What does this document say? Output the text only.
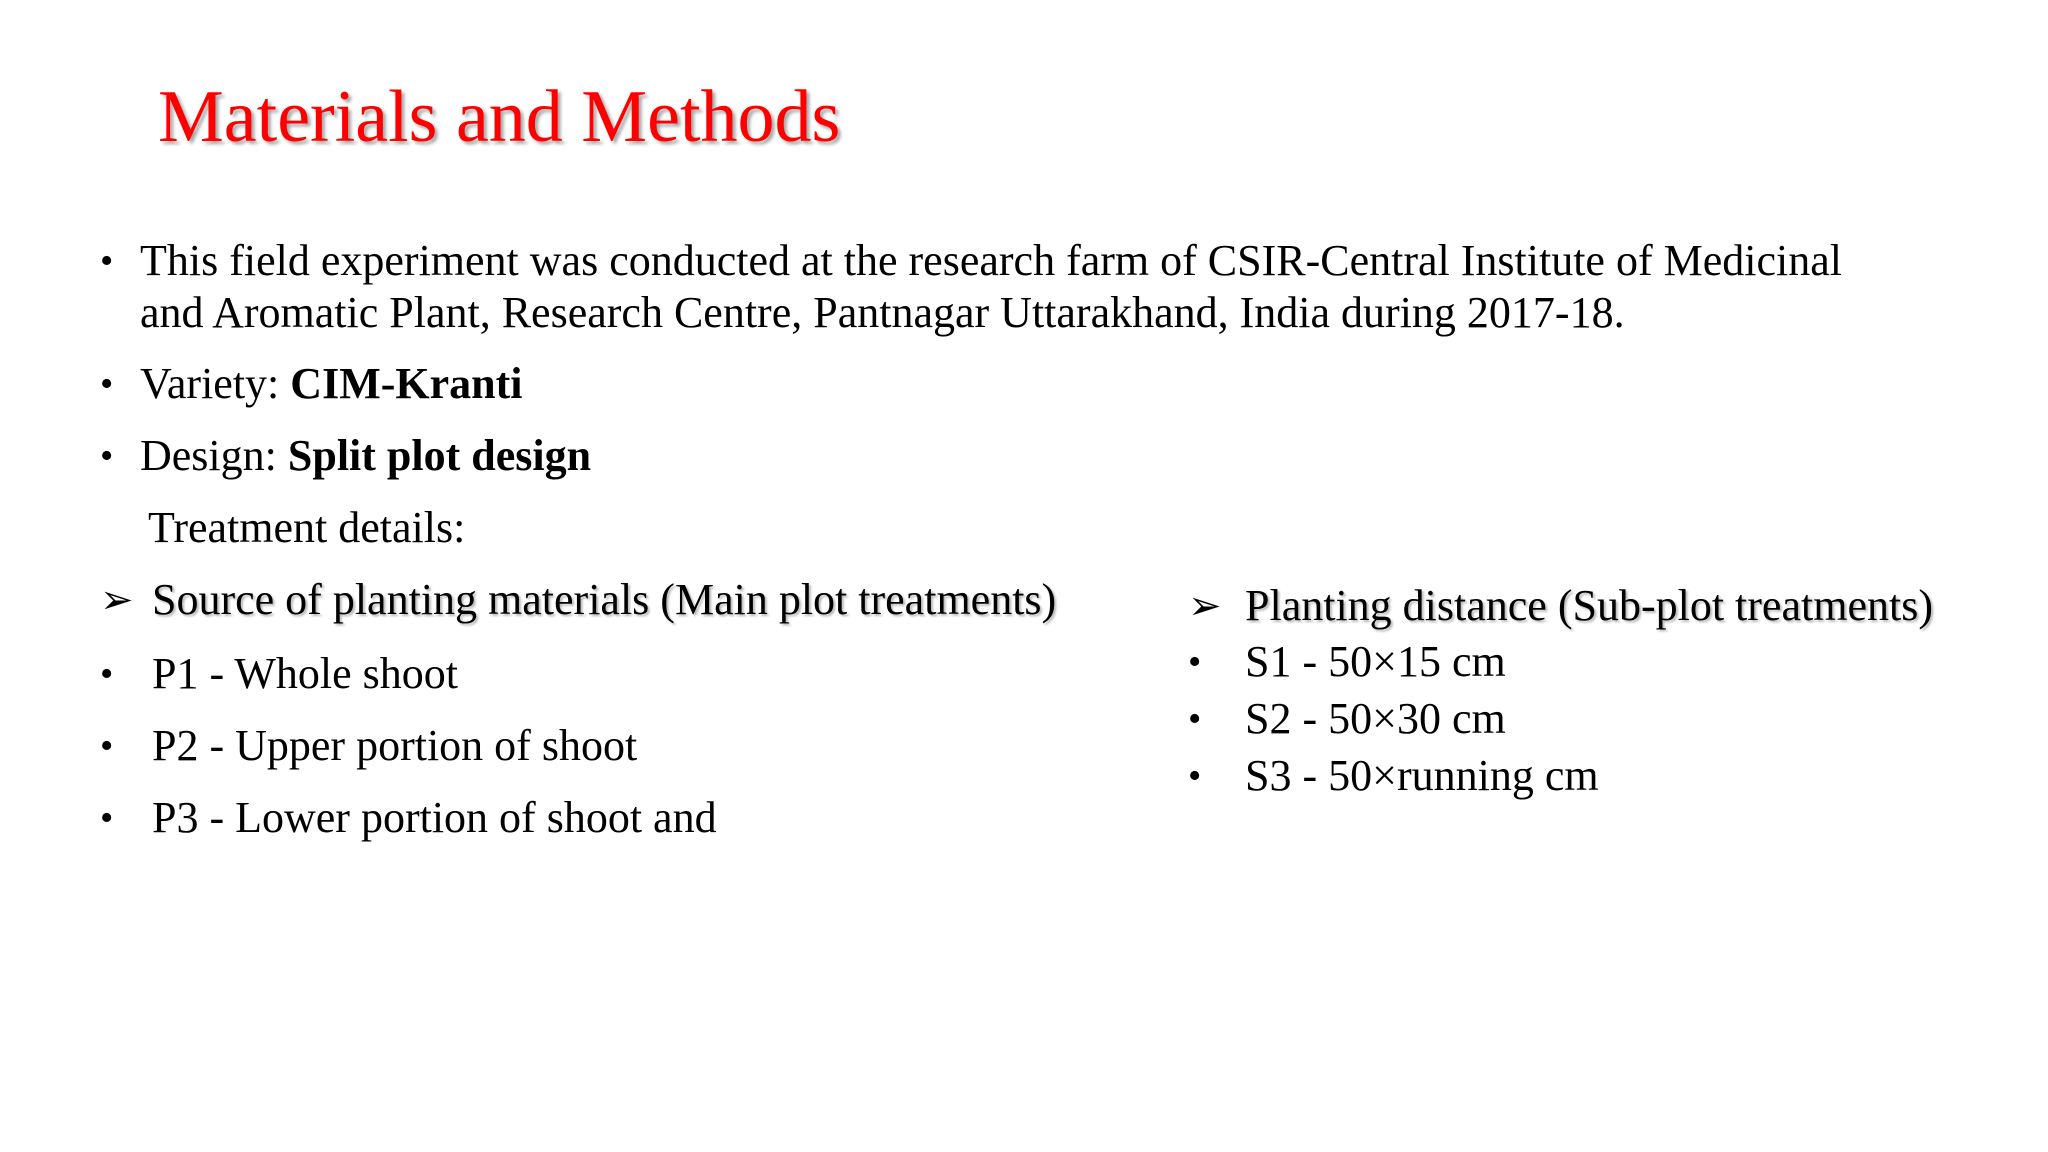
Materials and Methods
• This field experiment was conducted at the research farm of CSIR-Central Institute of Medicinal
and Aromatic Plant, Research Centre, Pantnagar Uttarakhand, India during 2017-18.
• Variety: CIM-Kranti
• Design: Split plot design
Treatment details:
➢ Source of planting materials (Main plot treatments)
• P1 - Whole shoot
• P2 - Upper portion of shoot
• P3 - Lower portion of shoot and
➢ Planting distance (Sub-plot treatments)
• S1 - 50×15 cm
• S2 - 50×30 cm
• S3 - 50×running cm
